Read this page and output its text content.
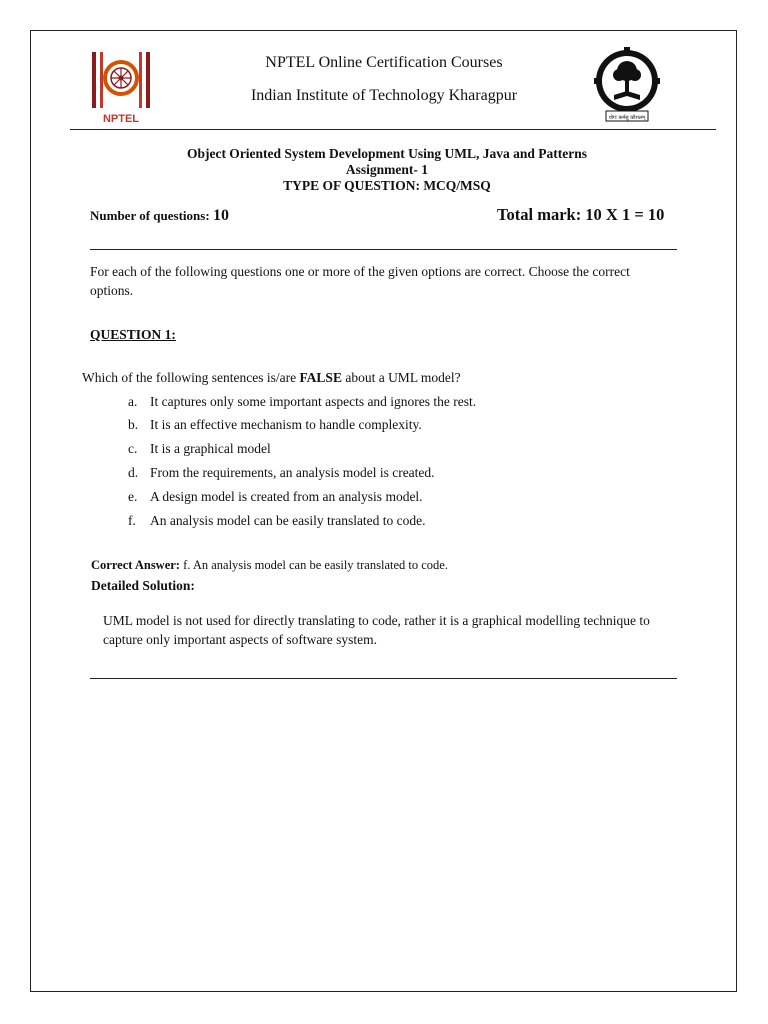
NPTEL	योगः कर्मसु कौशलम्
NPTEL Online Certification Courses
Indian Institute of Technology Kharagpur
Object Oriented System Development Using UML, Java and Patterns
Assignment- 1
TYPE OF QUESTION: MCQ/MSQ
Number of questions: 10	Total mark: 10 X 1 = 10
For each of the following questions one or more of the given options are correct. Choose the correct options.
QUESTION 1:
Which of the following sentences is/are FALSE about a UML model?
a. It captures only some important aspects and ignores the rest.
b. It is an effective mechanism to handle complexity.
c. It is a graphical model
d. From the requirements, an analysis model is created.
e. A design model is created from an analysis model.
f. An analysis model can be easily translated to code.
Correct Answer: f. An analysis model can be easily translated to code.
Detailed Solution:
UML model is not used for directly translating to code, rather it is a graphical modelling technique to capture only important aspects of software system.
